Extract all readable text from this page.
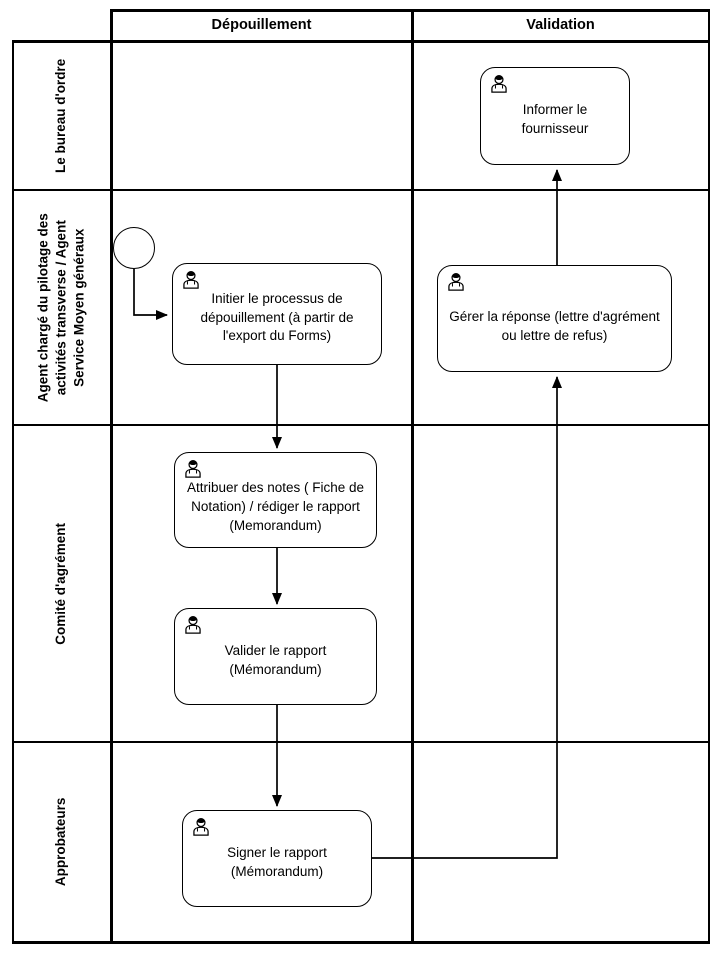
Dépouillement	Validation
Le bureau d'ordre
Agent chargé du pilotage des activités transverse / Agent Service Moyen généraux
Comité d'agrément
Approbateurs
Informer le fournisseur
Initier le processus de dépouillement (à partir de l'export du Forms)
Gérer la réponse (lettre d'agrément ou lettre de refus)
Attribuer des notes ( Fiche de Notation) / rédiger le rapport (Memorandum)
Valider le rapport (Mémorandum)
Signer le rapport (Mémorandum)
